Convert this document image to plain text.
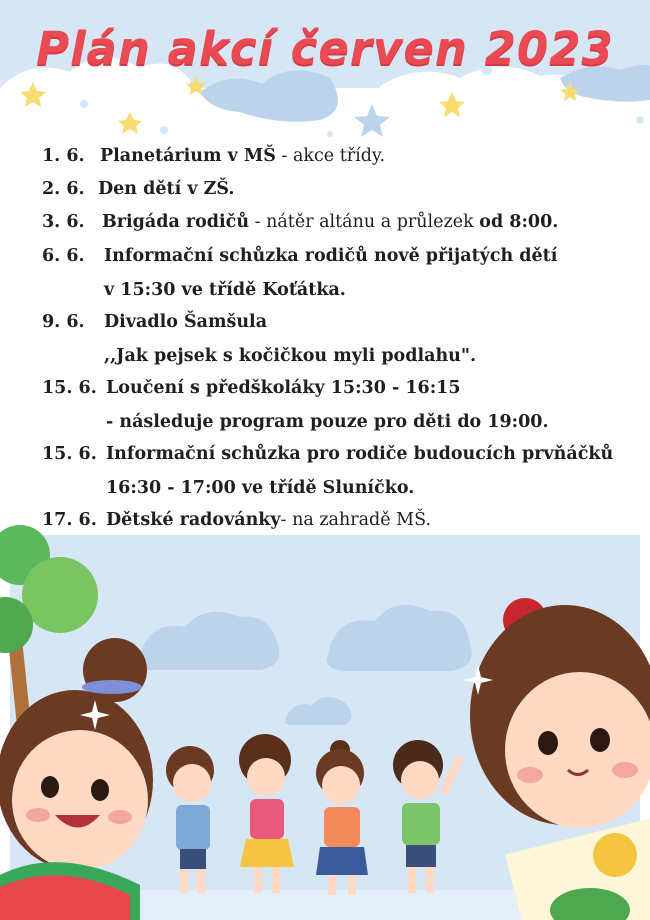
Plán akcí červen 2023
1. 6. Planetárium v MŠ - akce třídy.
2. 6. Den dětí v ZŠ.
3. 6. Brigáda rodičů - nátěr altánu a průlezek od 8:00.
6. 6. Informační schůzka rodičů nově přijatých dětí
v 15:30 ve třídě Koťátka.
9. 6. Divadlo Šamšula
,,Jak pejsek s kočičkou myli podlahu".
15. 6. Loučení s předškoláky 15:30 - 16:15
- následuje program pouze pro děti do 19:00.
15. 6. Informační schůzka pro rodiče budoucích prvňáčků
16:30 - 17:00 ve třídě Sluníčko.
17. 6. Dětské radovánky- na zahradě MŠ.
